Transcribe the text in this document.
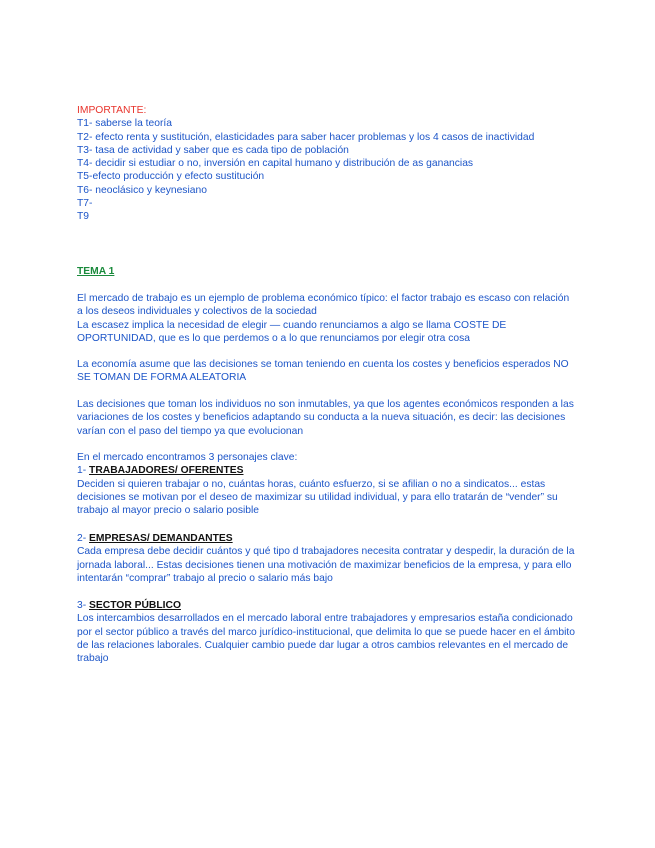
IMPORTANTE:

T1- saberse la teoría

T2- efecto renta y sustitución, elasticidades para saber hacer problemas y los 4 casos de inactividad

T3- tasa de actividad y saber que es cada tipo de población

T4- decidir si estudiar o no, inversión en capital humano y distribución de as ganancias

T5-efecto producción y efecto sustitución

T6- neoclásico y keynesiano

T7-

T9

TEMA 1

El mercado de trabajo es un ejemplo de problema económico típico: el factor trabajo es escaso con relación a los deseos individuales y colectivos de la sociedad

La escasez implica la necesidad de elegir — cuando renunciamos a algo se llama COSTE DE OPORTUNIDAD, que es lo que perdemos o a lo que renunciamos por elegir otra cosa

La economía asume que las decisiones se toman teniendo en cuenta los costes y beneficios esperados NO SE TOMAN DE FORMA ALEATORIA

Las decisiones que toman los individuos no son inmutables, ya que los agentes económicos responden a las variaciones de los costes y beneficios adaptando su conducta a la nueva situación, es decir: las decisiones varían con el paso del tiempo ya que evolucionan

En el mercado encontramos 3 personajes clave:

1- TRABAJADORES/ OFERENTES

Deciden si quieren trabajar o no, cuántas horas, cuánto esfuerzo, si se afilian o no a sindicatos... estas decisiones se motivan por el deseo de maximizar su utilidad individual, y para ello tratarán de “vender” su trabajo al mayor precio o salario posible

2- EMPRESAS/ DEMANDANTES

Cada empresa debe decidir cuántos y qué tipo d trabajadores necesita contratar y despedir, la duración de la jornada laboral... Estas decisiones tienen una motivación de maximizar beneficios de la empresa, y para ello intentarán “comprar” trabajo al precio o salario más bajo

3- SECTOR PÚBLICO

Los intercambios desarrollados en el mercado laboral entre trabajadores y empresarios estaña condicionado por el sector público a través del marco jurídico-institucional, que delimita lo que se puede hacer en el ámbito de las relaciones laborales. Cualquier cambio puede dar lugar a otros cambios relevantes en el mercado de trabajo
